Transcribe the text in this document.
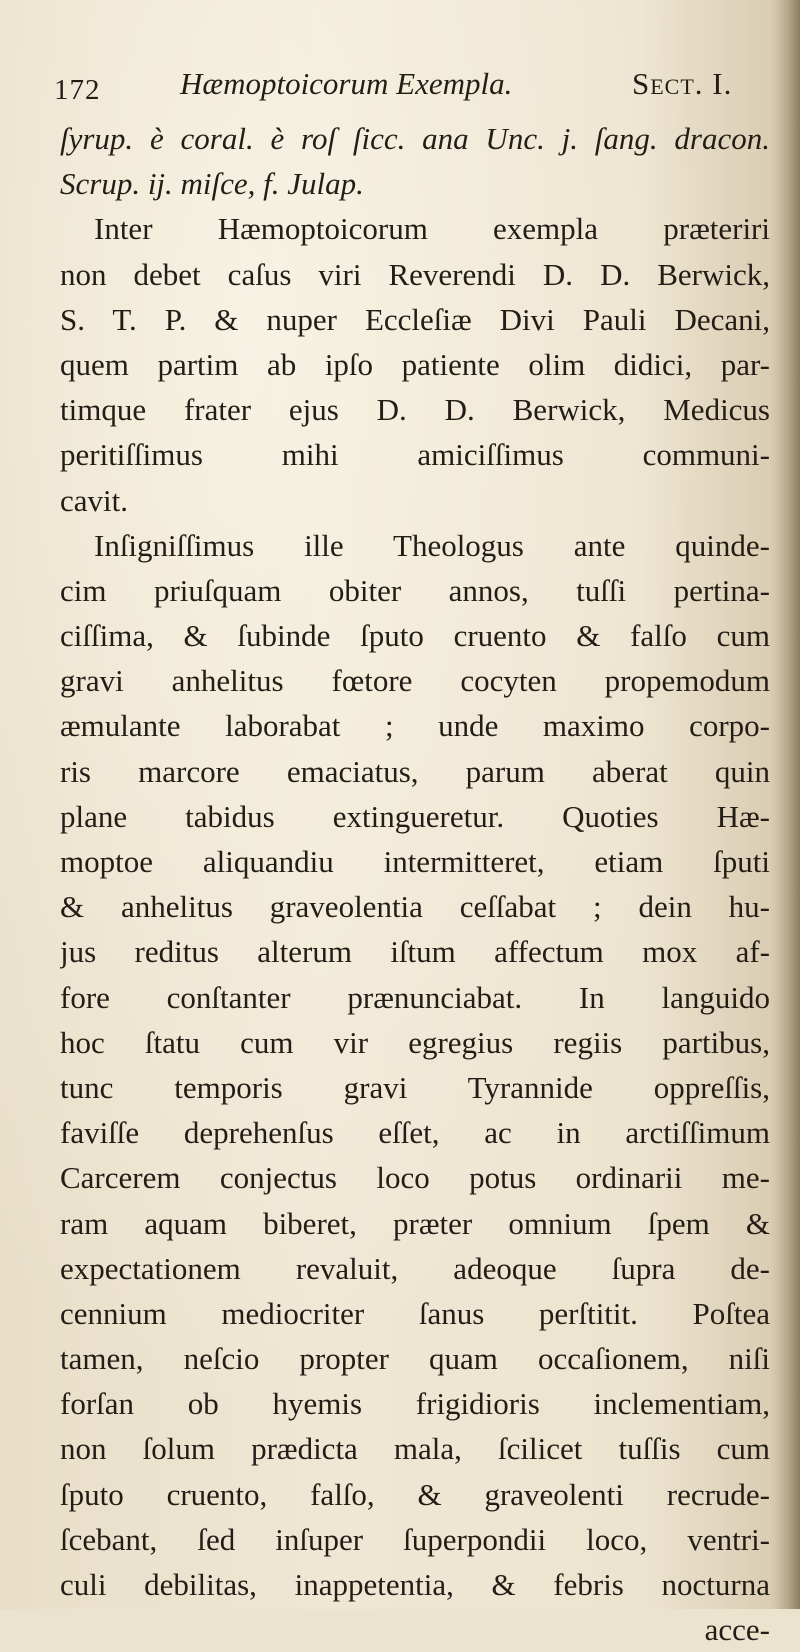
172	Hæmoptoicorum Exempla.	Sect. I.
ſyrup. è coral. è roſ ſicc. ana Unc. j. ſang. dracon.
Scrup. ij. miſce, f. Julap.
Inter Hæmoptoicorum exempla præteriri
non debet caſus viri Reverendi D. D. Berwick,
S. T. P. & nuper Eccleſiæ Divi Pauli Decani,
quem partim ab ipſo patiente olim didici, par-
timque frater ejus D. D. Berwick, Medicus
peritiſſimus mihi amiciſſimus communi-
cavit.
Inſigniſſimus ille Theologus ante quinde-
cim priuſquam obiter annos, tuſſi pertina-
ciſſima, & ſubinde ſputo cruento & falſo cum
gravi anhelitus fœtore cocyten propemodum
æmulante laborabat ; unde maximo corpo-
ris marcore emaciatus, parum aberat quin
plane tabidus extingueretur. Quoties Hæ-
moptoe aliquandiu intermitteret, etiam ſputi
& anhelitus graveolentia ceſſabat ; dein hu-
jus reditus alterum iſtum affectum mox af-
fore conſtanter prænunciabat. In languido
hoc ſtatu cum vir egregius regiis partibus,
tunc temporis gravi Tyrannide oppreſſis,
faviſſe deprehenſus eſſet, ac in arctiſſimum
Carcerem conjectus loco potus ordinarii me-
ram aquam biberet, præter omnium ſpem &
expectationem revaluit, adeoque ſupra de-
cennium mediocriter ſanus perſtitit. Poſtea
tamen, neſcio propter quam occaſionem, niſi
forſan ob hyemis frigidioris inclementiam,
non ſolum prædicta mala, ſcilicet tuſſis cum
ſputo cruento, falſo, & graveolenti recrude-
ſcebant, ſed inſuper ſuperpondii loco, ventri-
culi debilitas, inappetentia, & febris nocturna
acce-
